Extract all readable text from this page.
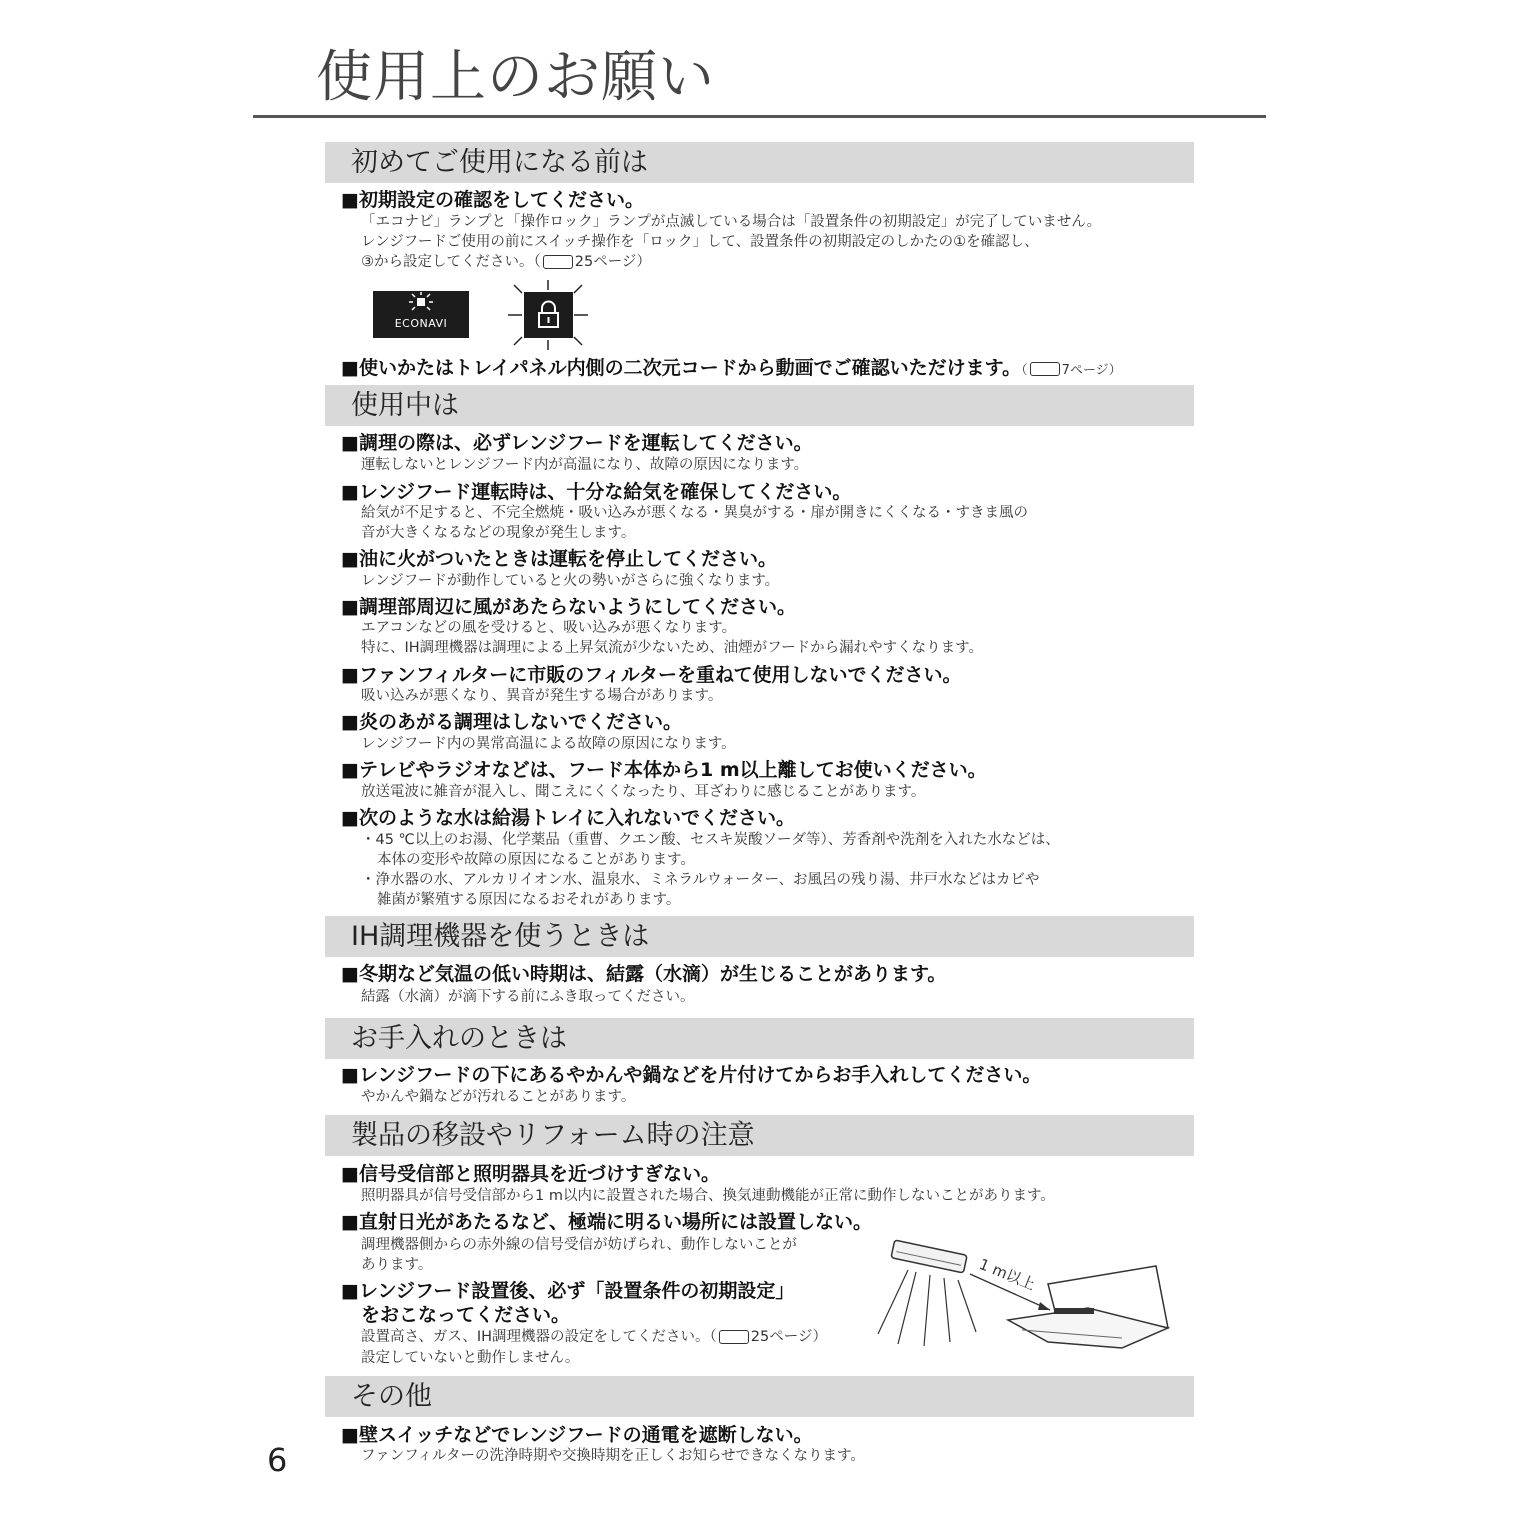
使用上のお願い
初めてご使用になる前は
■初期設定の確認をしてください。
「エコナビ」ランプと「操作ロック」ランプが点滅している場合は「設置条件の初期設定」が完了していません。
レンジフードご使用の前にスイッチ操作を「ロック」して、設置条件の初期設定のしかたの①を確認し、
③から設定してください。（ 25ページ）
ECONAVI
■使いかたはトレイパネル内側の二次元コードから動画でご確認いただけます。（	7ページ）
使用中は
■調理の際は、必ずレンジフードを運転してください。
運転しないとレンジフード内が高温になり、故障の原因になります。
■レンジフード運転時は、十分な給気を確保してください。
給気が不足すると、不完全燃焼・吸い込みが悪くなる・異臭がする・扉が開きにくくなる・すきま風の
音が大きくなるなどの現象が発生します。
■油に火がついたときは運転を停止してください。
レンジフードが動作していると火の勢いがさらに強くなります。
■調理部周辺に風があたらないようにしてください。
エアコンなどの風を受けると、吸い込みが悪くなります。
特に、IH調理機器は調理による上昇気流が少ないため、油煙がフードから漏れやすくなります。
■ファンフィルターに市販のフィルターを重ねて使用しないでください。
吸い込みが悪くなり、異音が発生する場合があります。
■炎のあがる調理はしないでください。
レンジフード内の異常高温による故障の原因になります。
■テレビやラジオなどは、フード本体から1 m以上離してお使いください。
放送電波に雑音が混入し、聞こえにくくなったり、耳ざわりに感じることがあります。
■次のような水は給湯トレイに入れないでください。
・45 ℃以上のお湯、化学薬品（重曹、クエン酸、セスキ炭酸ソーダ等）、芳香剤や洗剤を入れた水などは、
本体の変形や故障の原因になることがあります。
・浄水器の水、アルカリイオン水、温泉水、ミネラルウォーター、お風呂の残り湯、井戸水などはカビや
雑菌が繁殖する原因になるおそれがあります。
IH調理機器を使うときは
■冬期など気温の低い時期は、結露（水滴）が生じることがあります。
結露（水滴）が滴下する前にふき取ってください。
お手入れのときは
■レンジフードの下にあるやかんや鍋などを片付けてからお手入れしてください。
やかんや鍋などが汚れることがあります。
製品の移設やリフォーム時の注意
■信号受信部と照明器具を近づけすぎない。
照明器具が信号受信部から1 m以内に設置された場合、換気連動機能が正常に動作しないことがあります。
■直射日光があたるなど、極端に明るい場所には設置しない。
調理機器側からの赤外線の信号受信が妨げられ、動作しないことが
あります。
■レンジフード設置後、必ず「設置条件の初期設定」
をおこなってください。
設置高さ、ガス、IH調理機器の設定をしてください。（ 25ページ）
設定していないと動作しません。
1 m以上
その他
■壁スイッチなどでレンジフードの通電を遮断しない。
ファンフィルターの洗浄時期や交換時期を正しくお知らせできなくなります。
6
